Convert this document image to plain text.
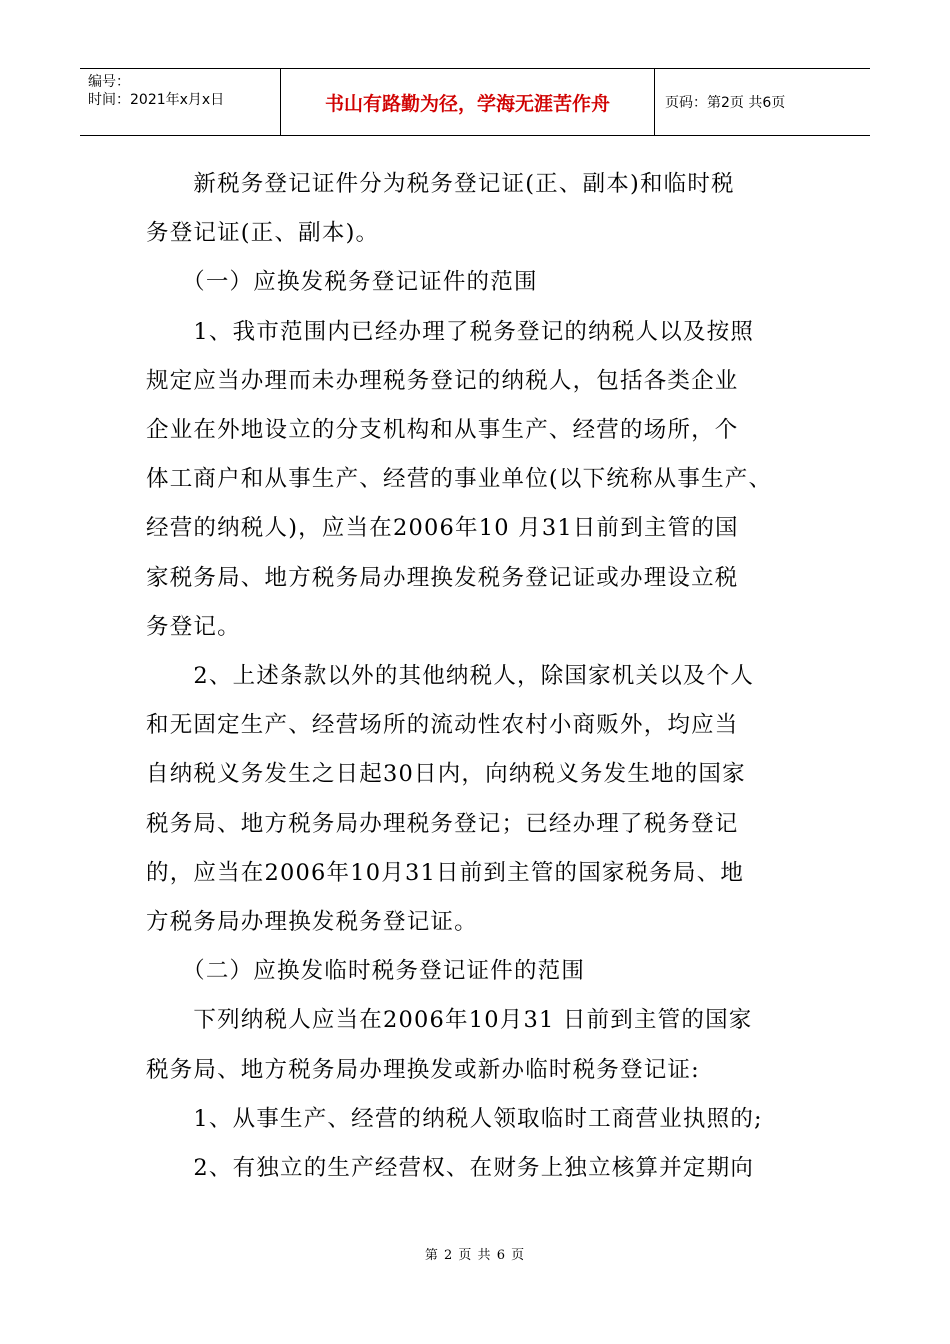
编号：
时间：2021年x月x日	书山有路勤为径，学海无涯苦作舟	页码：第2页 共6页

　　新税务登记证件分为税务登记证(正、副本)和临时税

务登记证(正、副本)。

　　（一）应换发税务登记证件的范围

　　1、我市范围内已经办理了税务登记的纳税人以及按照

规定应当办理而未办理税务登记的纳税人，包括各类企业

企业在外地设立的分支机构和从事生产、经营的场所，个

体工商户和从事生产、经营的事业单位(以下统称从事生产、

经营的纳税人)，应当在2006年10 月31日前到主管的国

家税务局、地方税务局办理换发税务登记证或办理设立税

务登记。

　　2、上述条款以外的其他纳税人，除国家机关以及个人

和无固定生产、经营场所的流动性农村小商贩外，均应当

自纳税义务发生之日起30日内，向纳税义务发生地的国家

税务局、地方税务局办理税务登记；已经办理了税务登记

的，应当在2006年10月31日前到主管的国家税务局、地

方税务局办理换发税务登记证。

　　（二）应换发临时税务登记证件的范围

　　下列纳税人应当在2006年10月31 日前到主管的国家

税务局、地方税务局办理换发或新办临时税务登记证:

　　1、从事生产、经营的纳税人领取临时工商营业执照的;

　　2、有独立的生产经营权、在财务上独立核算并定期向

第 2 页 共 6 页
